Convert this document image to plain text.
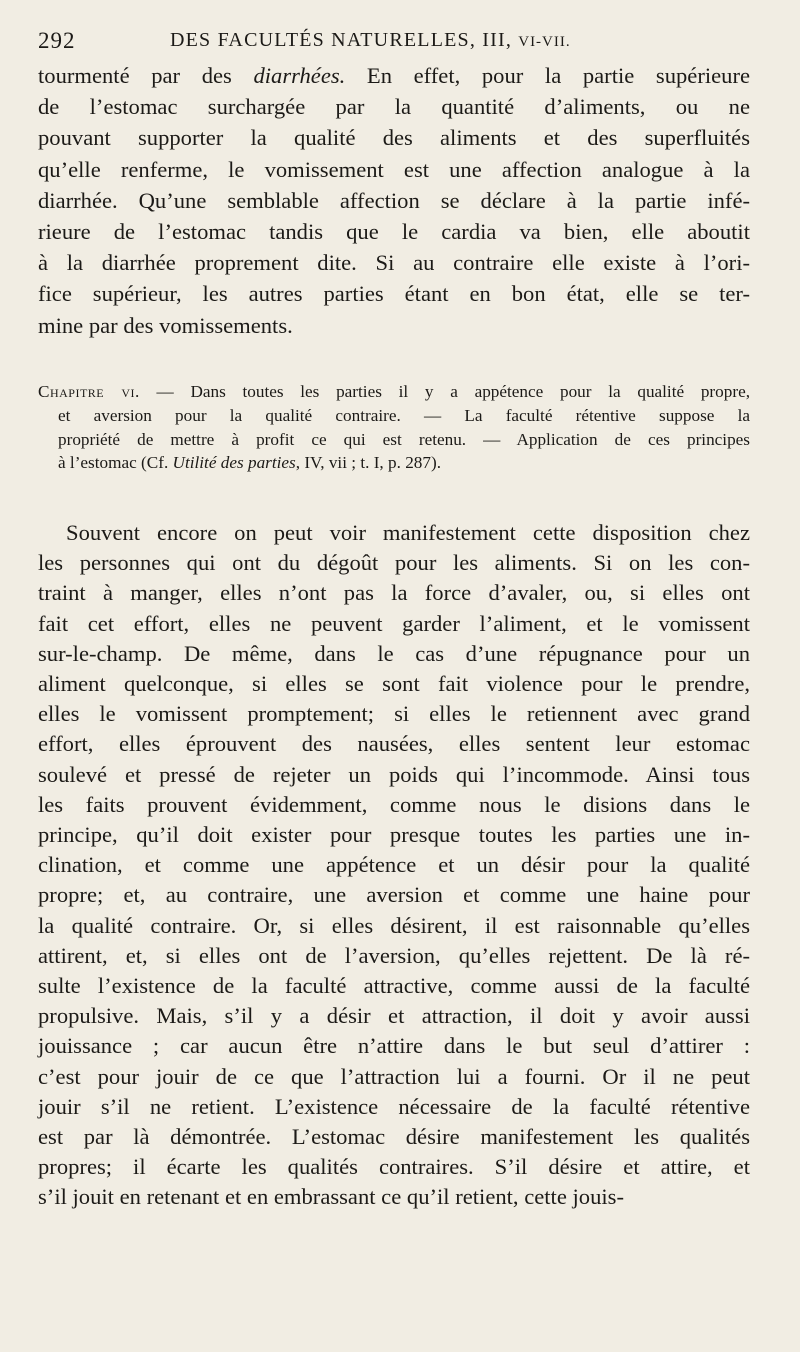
292	DES FACULTÉS NATURELLES, III, VI-VII.
tourmenté par des diarrhées. En effet, pour la partie supérieure
de l’estomac surchargée par la quantité d’aliments, ou ne
pouvant supporter la qualité des aliments et des superfluités
qu’elle renferme, le vomissement est une affection analogue à la
diarrhée. Qu’une semblable affection se déclare à la partie infé-
rieure de l’estomac tandis que le cardia va bien, elle aboutit
à la diarrhée proprement dite. Si au contraire elle existe à l’ori-
fice supérieur, les autres parties étant en bon état, elle se ter-
mine par des vomissements.
Chapitre vi. — Dans toutes les parties il y a appétence pour la qualité propre,
et aversion pour la qualité contraire. — La faculté rétentive suppose la
propriété de mettre à profit ce qui est retenu. — Application de ces principes
à l’estomac (Cf. Utilité des parties, IV, vii ; t. I, p. 287).
Souvent encore on peut voir manifestement cette disposition chez
les personnes qui ont du dégoût pour les aliments. Si on les con-
traint à manger, elles n’ont pas la force d’avaler, ou, si elles ont
fait cet effort, elles ne peuvent garder l’aliment, et le vomissent
sur-le-champ. De même, dans le cas d’une répugnance pour un
aliment quelconque, si elles se sont fait violence pour le prendre,
elles le vomissent promptement; si elles le retiennent avec grand
effort, elles éprouvent des nausées, elles sentent leur estomac
soulevé et pressé de rejeter un poids qui l’incommode. Ainsi tous
les faits prouvent évidemment, comme nous le disions dans le
principe, qu’il doit exister pour presque toutes les parties une in-
clination, et comme une appétence et un désir pour la qualité
propre; et, au contraire, une aversion et comme une haine pour
la qualité contraire. Or, si elles désirent, il est raisonnable qu’elles
attirent, et, si elles ont de l’aversion, qu’elles rejettent. De là ré-
sulte l’existence de la faculté attractive, comme aussi de la faculté
propulsive. Mais, s’il y a désir et attraction, il doit y avoir aussi
jouissance ; car aucun être n’attire dans le but seul d’attirer :
c’est pour jouir de ce que l’attraction lui a fourni. Or il ne peut
jouir s’il ne retient. L’existence nécessaire de la faculté rétentive
est par là démontrée. L’estomac désire manifestement les qualités
propres; il écarte les qualités contraires. S’il désire et attire, et
s’il jouit en retenant et en embrassant ce qu’il retient, cette jouis-
